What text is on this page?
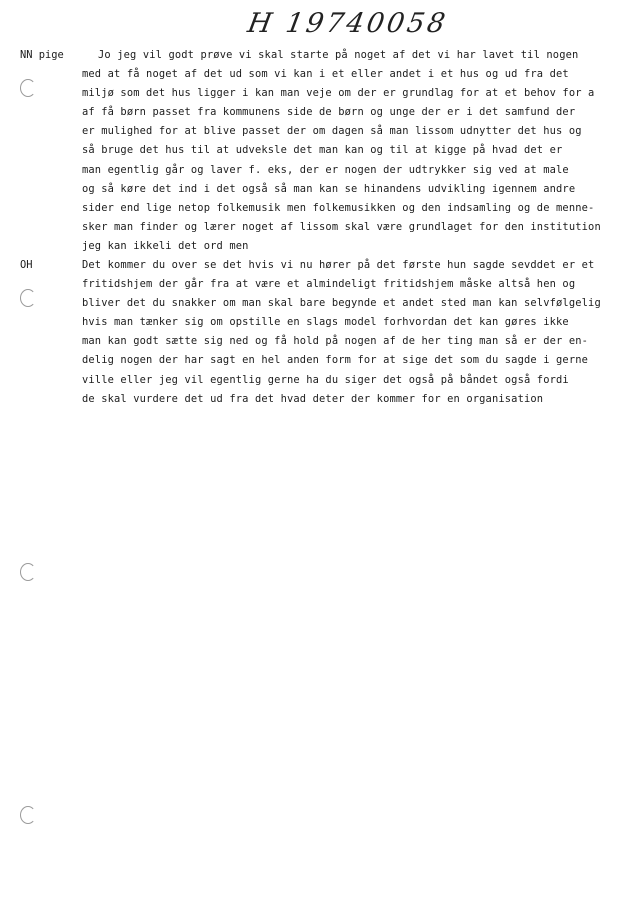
H 19740058
NN pige	Jo jeg vil godt prøve vi skal starte på noget af det vi har lavet til nogen
med at få noget af det ud som vi kan i et eller andet i et hus og ud fra det
miljø som det hus ligger i kan man veje om der er grundlag for at et behov for a
af få børn passet fra kommunens side de børn og unge der er i det samfund der
er mulighed for at blive passet der om dagen så man lissom udnytter det hus og
så bruge det hus til at udveksle det man kan og til at kigge på hvad det er
man egentlig går og laver f. eks, der er nogen der udtrykker sig ved at male
og så køre det ind i det også så man kan se hinandens udvikling igennem andre
sider end lige netop folkemusik men folkemusikken og den indsamling og de menne-
sker man finder og lærer noget af lissom skal være grundlaget for den institution
jeg kan ikkeli det ord men
OH	Det kommer du over se det hvis vi nu hører på det første hun sagde sevddet er et
fritidshjem der går fra at være et almindeligt fritidshjem måske altså hen og
bliver det du snakker om man skal bare begynde et andet sted man kan selvfølgelig
hvis man tænker sig om opstille en slags model forhvordan det kan gøres ikke
man kan godt sætte sig ned og få hold på nogen af de her ting man så er der en-
delig nogen der har sagt en hel anden form for at sige det som du sagde i gerne
ville eller jeg vil egentlig gerne ha du siger det også på båndet også fordi
de skal vurdere det ud fra det hvad deter der kommer for en organisation
